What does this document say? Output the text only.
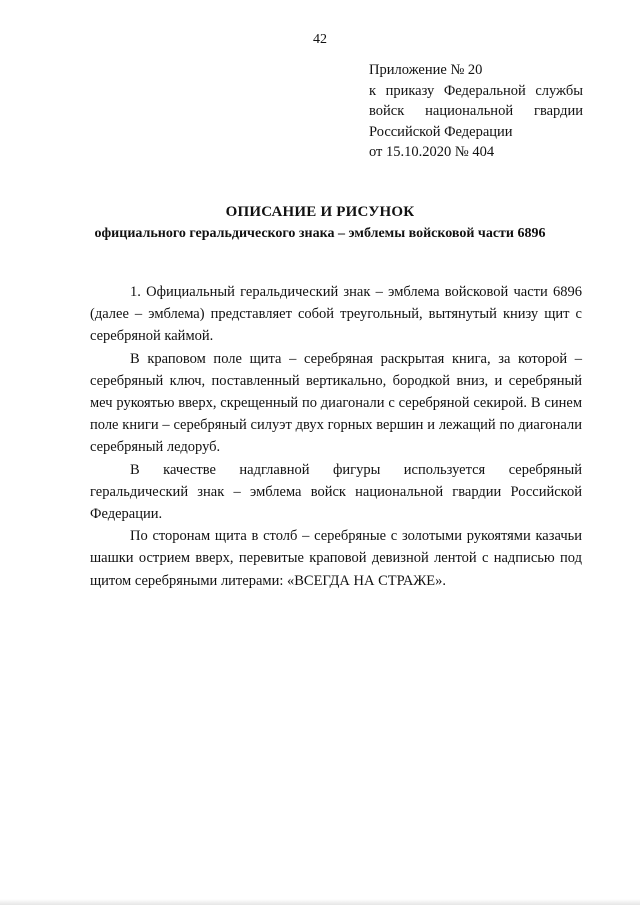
42
Приложение № 20
к приказу Федеральной службы
войск национальной гвардии
Российской Федерации
от 15.10.2020 № 404
ОПИСАНИЕ И РИСУНОК
официального геральдического знака – эмблемы войсковой части 6896

1. Официальный геральдический знак – эмблема войсковой части 6896 (далее – эмблема) представляет собой треугольный, вытянутый книзу щит с серебряной каймой.

В краповом поле щита – серебряная раскрытая книга, за которой – серебряный ключ, поставленный вертикально, бородкой вниз, и серебряный меч рукоятью вверх, скрещенный по диагонали с серебряной секирой. В синем поле книги – серебряный силуэт двух горных вершин и лежащий по диагонали серебряный ледоруб.

В качестве надглавной фигуры используется серебряный геральдический знак – эмблема войск национальной гвардии Российской Федерации.

По сторонам щита в столб – серебряные с золотыми рукоятями казачьи шашки острием вверх, перевитые краповой девизной лентой с надписью под щитом серебряными литерами: «ВСЕГДА НА СТРАЖЕ».
